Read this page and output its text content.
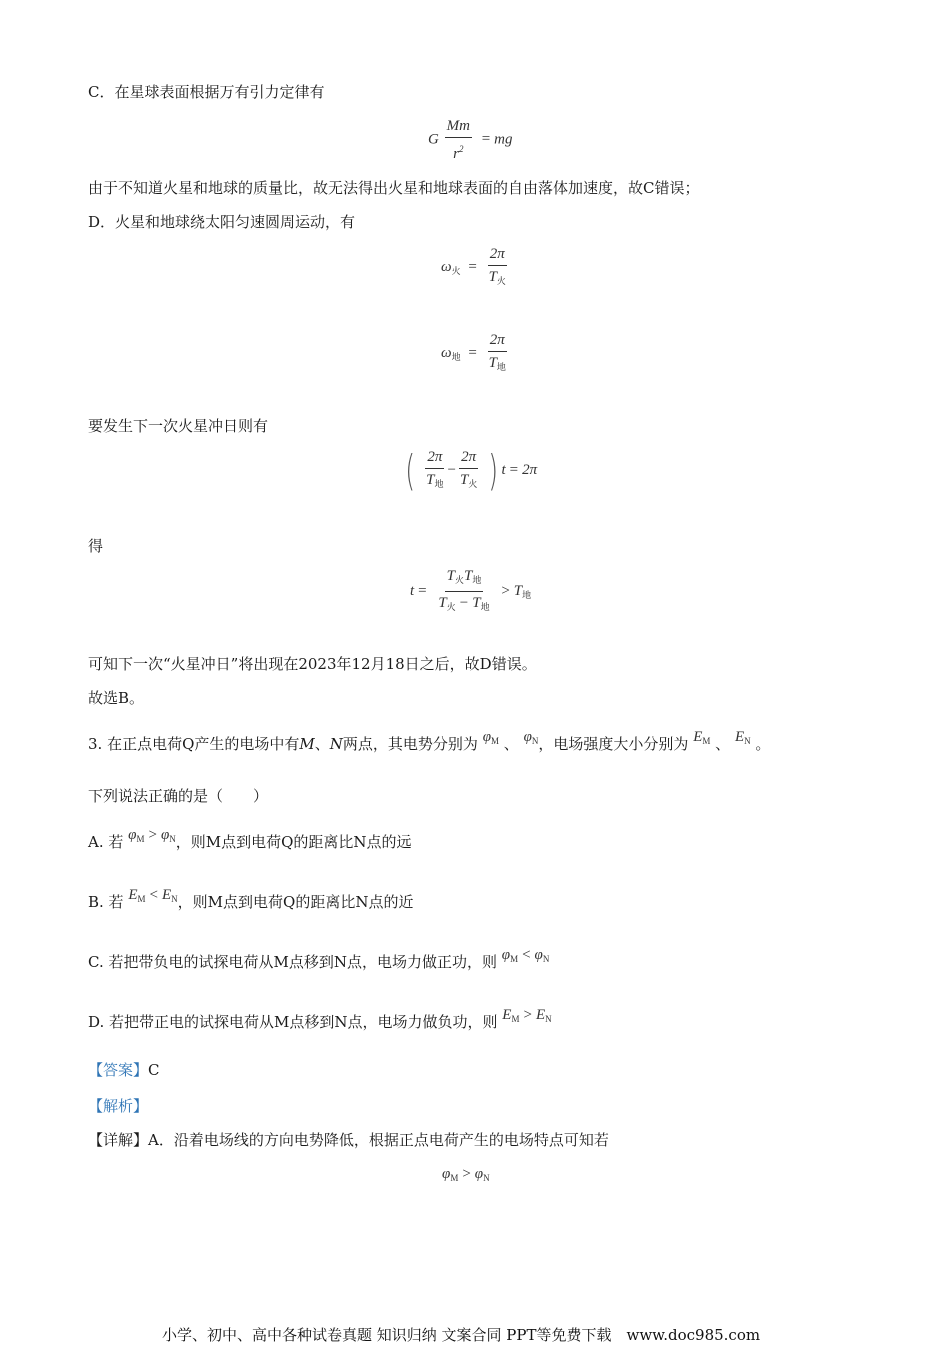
C．在星球表面根据万有引力定律有
G $\frac{Mm}{r^2}$ = mg
由于不知道火星和地球的质量比，故无法得出火星和地球表面的自由落体加速度，故C错误；
D．火星和地球绕太阳匀速圆周运动，有
$\omega_火 = \frac{2\pi}{T_火}$
$\omega_地 = \frac{2\pi}{T_地}$
要发生下一次火星冲日则有
( $\frac{2\pi}{T_地} - \frac{2\pi}{T_火}$ ) t = 2π
得
$t = \frac{T_火T_地}{T_火 - T_地} > T_地$
可知下一次“火星冲日”将出现在2023年12月18日之后，故D错误。
故选B。
3. 在正点电荷Q产生的电场中有M、N两点，其电势分别为 $\varphi_M$ 、 $\varphi_N$，电场强度大小分别为 $E_M$ 、 $E_N$ 。
下列说法正确的是（　　）
A. 若 $\varphi_M > \varphi_N$，则M点到电荷Q的距离比N点的远
B. 若 $E_M < E_N$，则M点到电荷Q的距离比N点的近
C. 若把带负电的试探电荷从M点移到N点，电场力做正功，则 $\varphi_M < \varphi_N$
D. 若把带正电的试探电荷从M点移到N点，电场力做负功，则 $E_M > E_N$
【答案】C
【解析】
【详解】A．沿着电场线的方向电势降低，根据正点电荷产生的电场特点可知若
$\varphi_M > \varphi_N$
小学、初中、高中各种试卷真题 知识归纳 文案合同 PPT等免费下载　www.doc985.com
